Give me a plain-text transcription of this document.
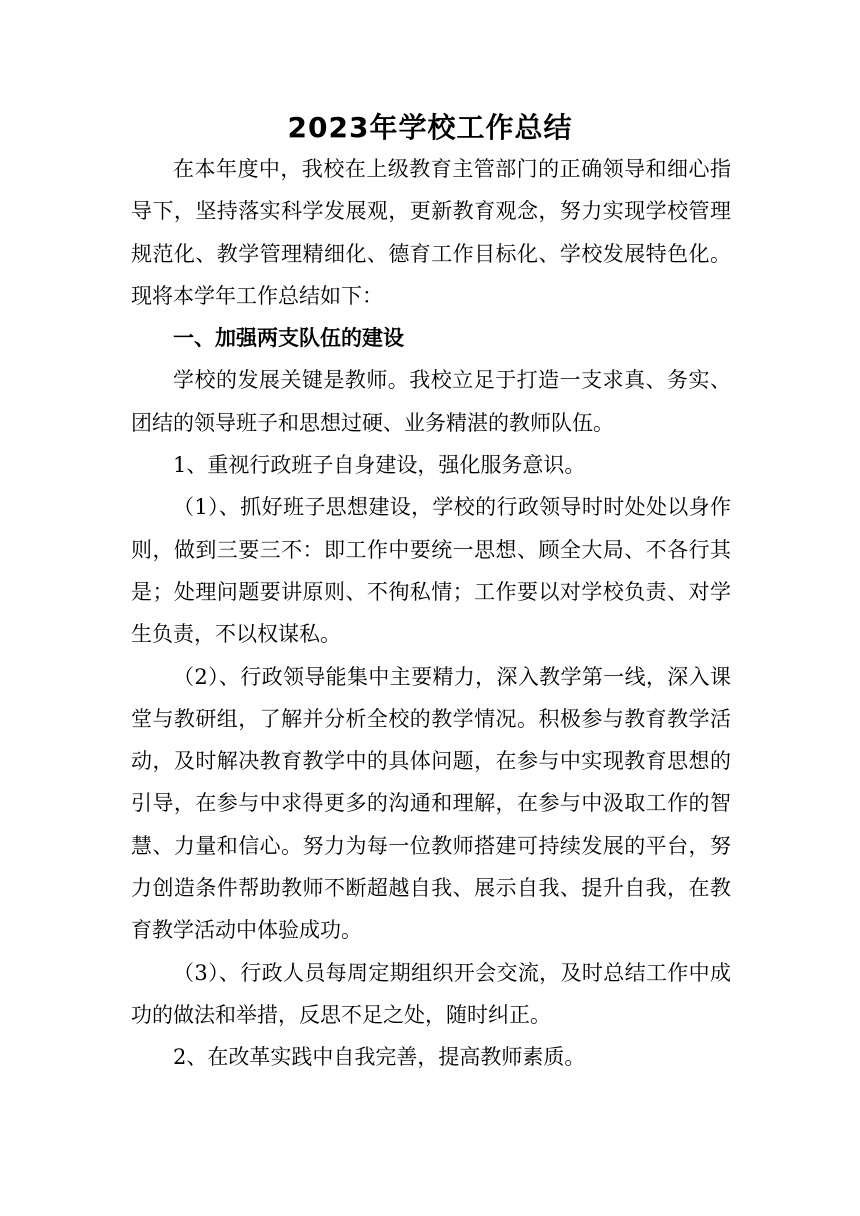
2023年学校工作总结

在本年度中，我校在上级教育主管部门的正确领导和细心指导下，坚持落实科学发展观，更新教育观念，努力实现学校管理规范化、教学管理精细化、德育工作目标化、学校发展特色化。现将本学年工作总结如下：

一、加强两支队伍的建设

学校的发展关键是教师。我校立足于打造一支求真、务实、团结的领导班子和思想过硬、业务精湛的教师队伍。

1、重视行政班子自身建设，强化服务意识。

（1）、抓好班子思想建设，学校的行政领导时时处处以身作则，做到三要三不：即工作中要统一思想、顾全大局、不各行其是；处理问题要讲原则、不徇私情；工作要以对学校负责、对学生负责，不以权谋私。

（2）、行政领导能集中主要精力，深入教学第一线，深入课堂与教研组，了解并分析全校的教学情况。积极参与教育教学活动，及时解决教育教学中的具体问题，在参与中实现教育思想的引导，在参与中求得更多的沟通和理解，在参与中汲取工作的智慧、力量和信心。努力为每一位教师搭建可持续发展的平台，努力创造条件帮助教师不断超越自我、展示自我、提升自我，在教育教学活动中体验成功。

（3）、行政人员每周定期组织开会交流，及时总结工作中成功的做法和举措，反思不足之处，随时纠正。

2、在改革实践中自我完善，提高教师素质。
